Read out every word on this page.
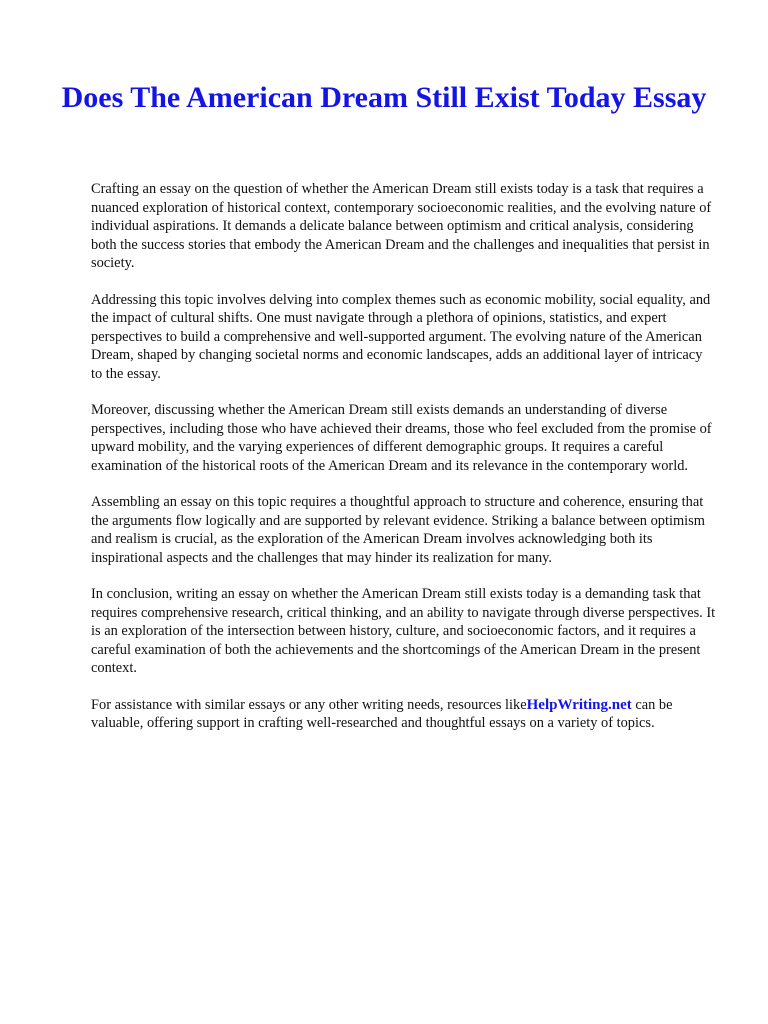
Does The American Dream Still Exist Today Essay

Crafting an essay on the question of whether the American Dream still exists today is a task that requires a nuanced exploration of historical context, contemporary socioeconomic realities, and the evolving nature of individual aspirations. It demands a delicate balance between optimism and critical analysis, considering both the success stories that embody the American Dream and the challenges and inequalities that persist in society.

Addressing this topic involves delving into complex themes such as economic mobility, social equality, and the impact of cultural shifts. One must navigate through a plethora of opinions, statistics, and expert perspectives to build a comprehensive and well-supported argument. The evolving nature of the American Dream, shaped by changing societal norms and economic landscapes, adds an additional layer of intricacy to the essay.

Moreover, discussing whether the American Dream still exists demands an understanding of diverse perspectives, including those who have achieved their dreams, those who feel excluded from the promise of upward mobility, and the varying experiences of different demographic groups. It requires a careful examination of the historical roots of the American Dream and its relevance in the contemporary world.

Assembling an essay on this topic requires a thoughtful approach to structure and coherence, ensuring that the arguments flow logically and are supported by relevant evidence. Striking a balance between optimism and realism is crucial, as the exploration of the American Dream involves acknowledging both its inspirational aspects and the challenges that may hinder its realization for many.

In conclusion, writing an essay on whether the American Dream still exists today is a demanding task that requires comprehensive research, critical thinking, and an ability to navigate through diverse perspectives. It is an exploration of the intersection between history, culture, and socioeconomic factors, and it requires a careful examination of both the achievements and the shortcomings of the American Dream in the present context.

For assistance with similar essays or any other writing needs, resources likeHelpWriting.net can be valuable, offering support in crafting well-researched and thoughtful essays on a variety of topics.
